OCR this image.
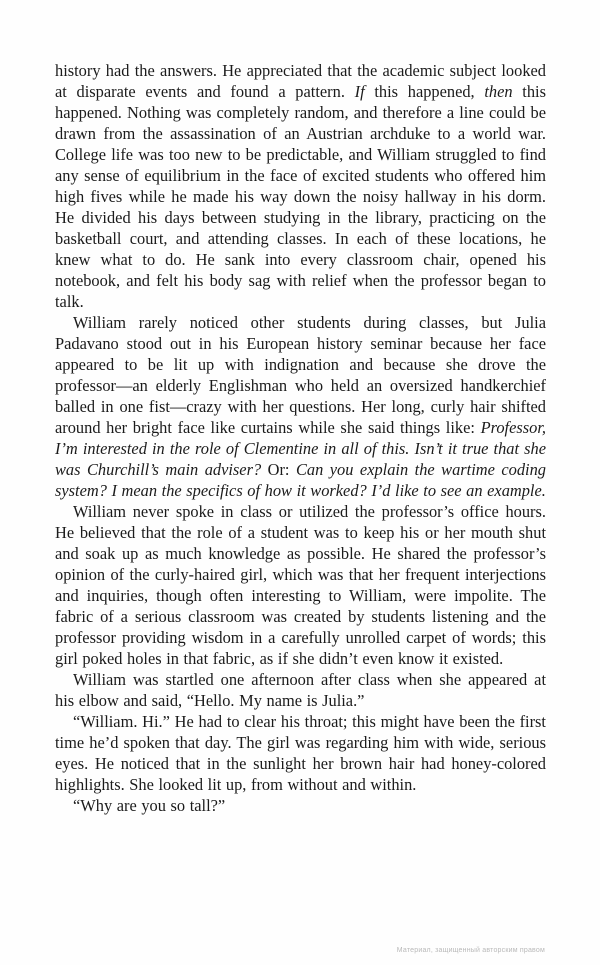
history had the answers. He appreciated that the academic subject looked at disparate events and found a pattern. If this happened, then this happened. Nothing was completely random, and therefore a line could be drawn from the assassination of an Austrian archduke to a world war. College life was too new to be predictable, and William struggled to find any sense of equilibrium in the face of excited students who offered him high fives while he made his way down the noisy hallway in his dorm. He divided his days between studying in the library, practicing on the basketball court, and attending classes. In each of these locations, he knew what to do. He sank into every classroom chair, opened his notebook, and felt his body sag with relief when the professor began to talk.

William rarely noticed other students during classes, but Julia Padavano stood out in his European history seminar because her face appeared to be lit up with indignation and because she drove the professor—an elderly Englishman who held an oversized handkerchief balled in one fist—crazy with her questions. Her long, curly hair shifted around her bright face like curtains while she said things like: Professor, I’m interested in the role of Clementine in all of this. Isn’t it true that she was Churchill’s main adviser? Or: Can you explain the wartime coding system? I mean the specifics of how it worked? I’d like to see an example.

William never spoke in class or utilized the professor’s office hours. He believed that the role of a student was to keep his or her mouth shut and soak up as much knowledge as possible. He shared the professor’s opinion of the curly-haired girl, which was that her frequent interjections and inquiries, though often interesting to William, were impolite. The fabric of a serious classroom was created by students listening and the professor providing wisdom in a carefully unrolled carpet of words; this girl poked holes in that fabric, as if she didn’t even know it existed.

William was startled one afternoon after class when she appeared at his elbow and said, “Hello. My name is Julia.”

“William. Hi.” He had to clear his throat; this might have been the first time he’d spoken that day. The girl was regarding him with wide, serious eyes. He noticed that in the sunlight her brown hair had honey-colored highlights. She looked lit up, from without and within.

“Why are you so tall?”

Материал, защищенный авторским правом
